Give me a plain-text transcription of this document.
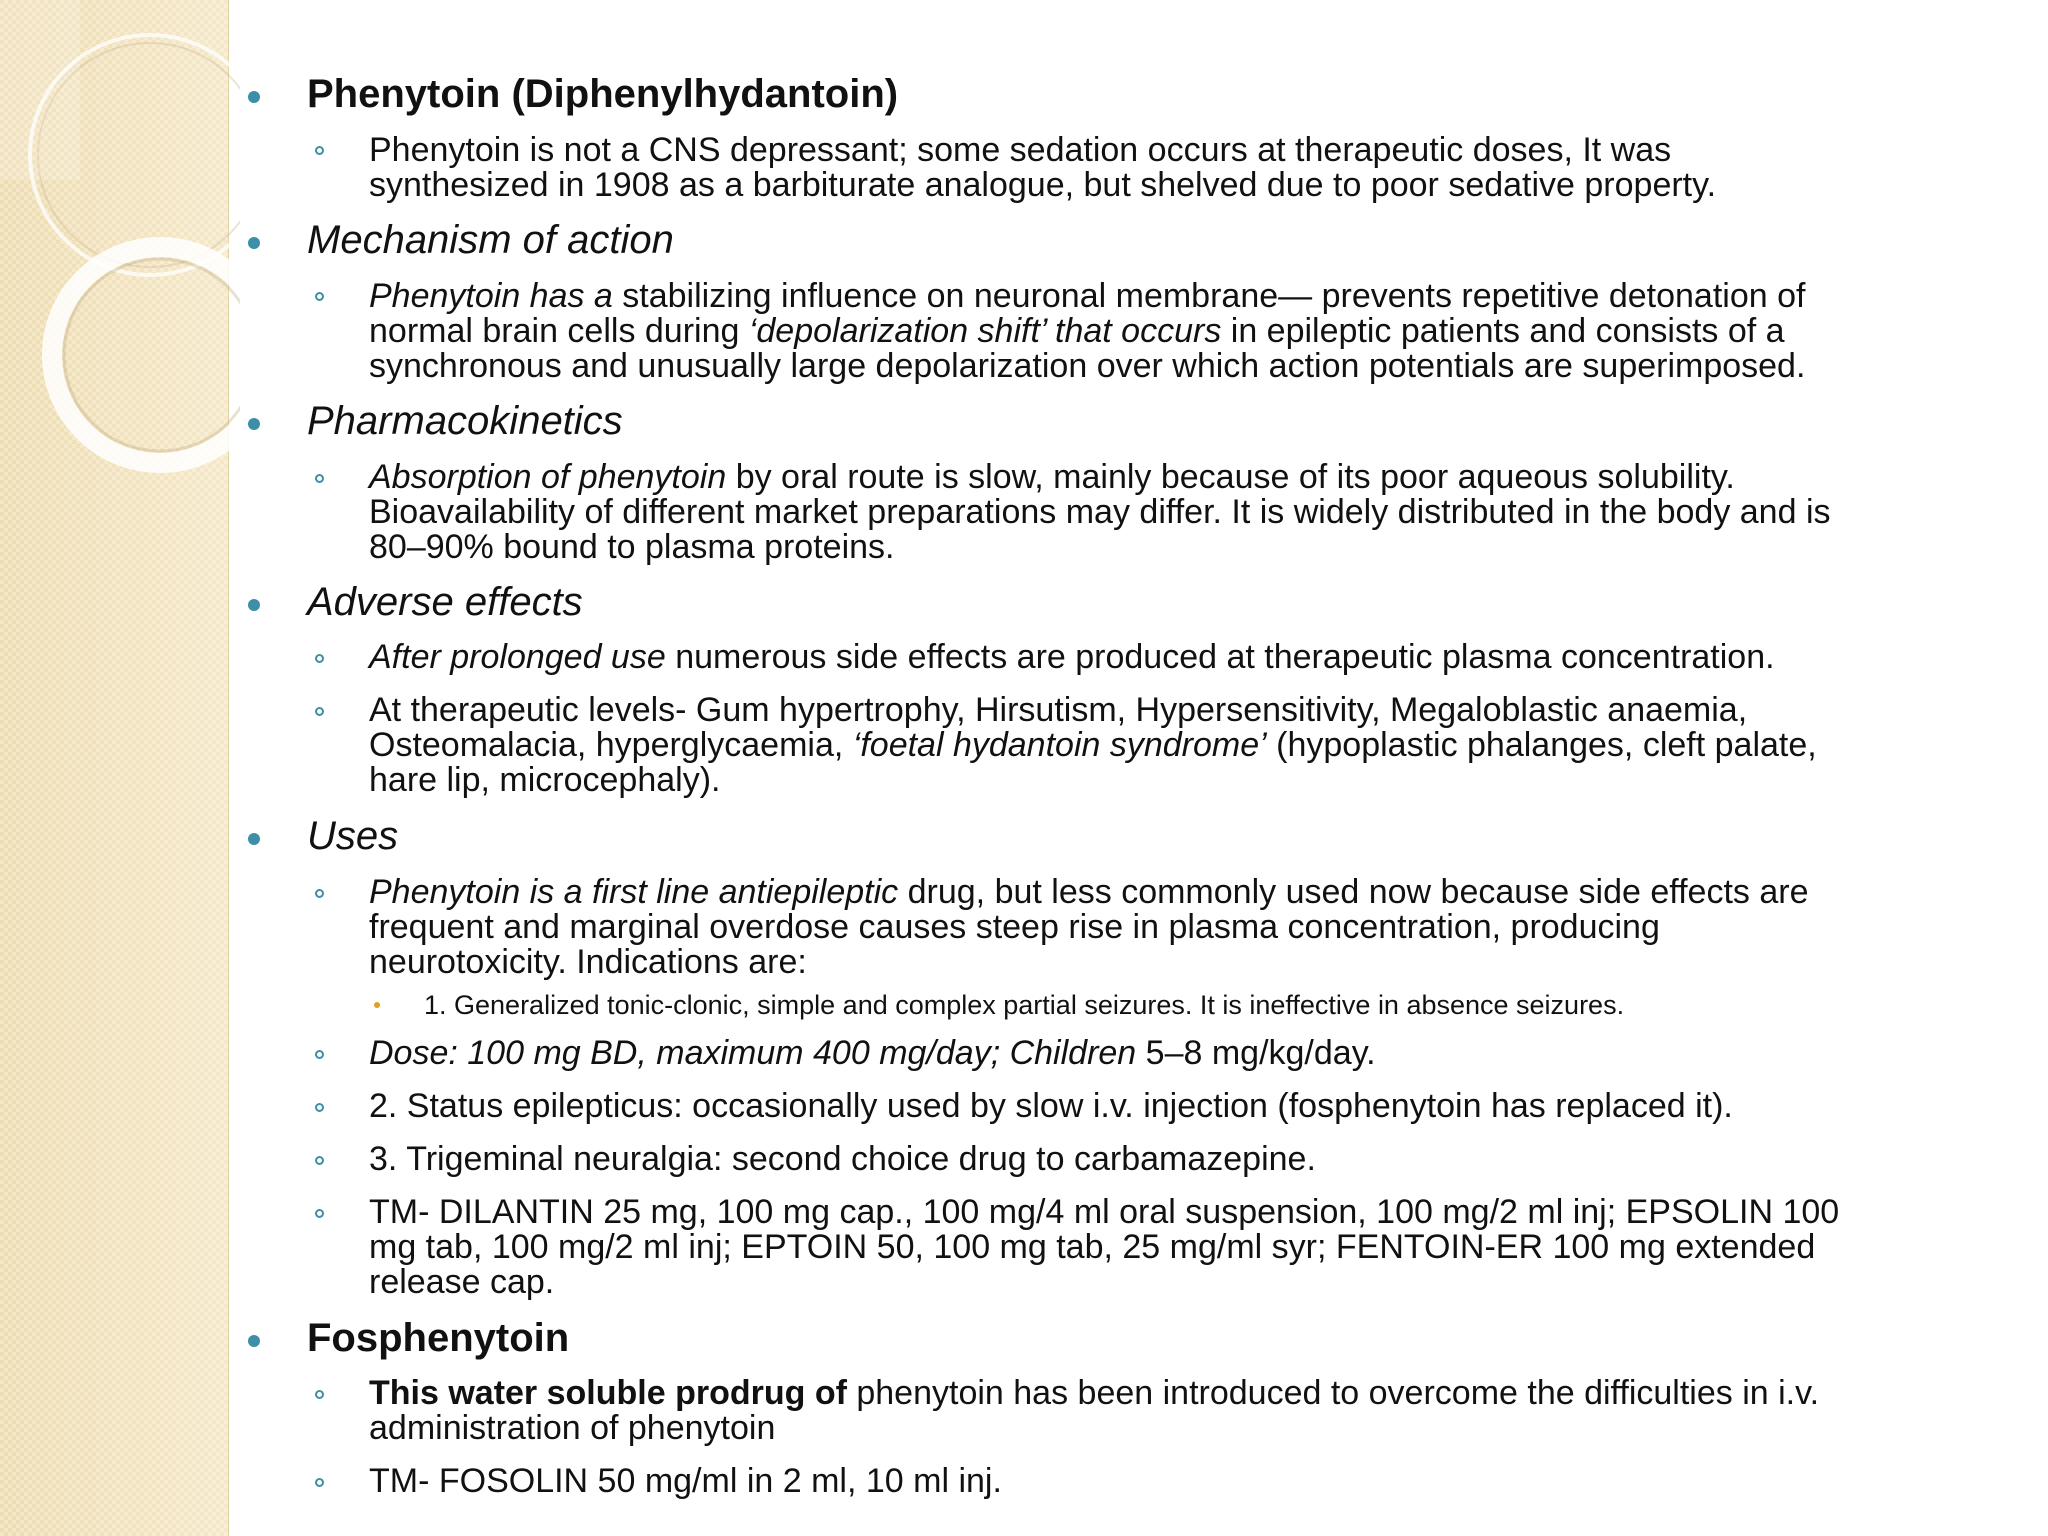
Phenytoin (Diphenylhydantoin)
Phenytoin is not a CNS depressant; some sedation occurs at therapeutic doses, It was
synthesized in 1908 as a barbiturate analogue, but shelved due to poor sedative property.
Mechanism of action
Phenytoin has a stabilizing influence on neuronal membrane— prevents repetitive detonation of
normal brain cells during ‘depolarization shift’ that occurs in epileptic patients and consists of a
synchronous and unusually large depolarization over which action potentials are superimposed.
Pharmacokinetics
Absorption of phenytoin by oral route is slow, mainly because of its poor aqueous solubility.
Bioavailability of different market preparations may differ. It is widely distributed in the body and is
80–90% bound to plasma proteins.
Adverse effects
After prolonged use numerous side effects are produced at therapeutic plasma concentration.
At therapeutic levels- Gum hypertrophy, Hirsutism, Hypersensitivity, Megaloblastic anaemia,
Osteomalacia, hyperglycaemia, ‘foetal hydantoin syndrome’ (hypoplastic phalanges, cleft palate,
hare lip, microcephaly).
Uses
Phenytoin is a first line antiepileptic drug, but less commonly used now because side effects are
frequent and marginal overdose causes steep rise in plasma concentration, producing
neurotoxicity. Indications are:
1. Generalized tonic-clonic, simple and complex partial seizures. It is ineffective in absence seizures.
Dose: 100 mg BD, maximum 400 mg/day; Children 5–8 mg/kg/day.
2. Status epilepticus: occasionally used by slow i.v. injection (fosphenytoin has replaced it).
3. Trigeminal neuralgia: second choice drug to carbamazepine.
TM- DILANTIN 25 mg, 100 mg cap., 100 mg/4 ml oral suspension, 100 mg/2 ml inj; EPSOLIN 100
mg tab, 100 mg/2 ml inj; EPTOIN 50, 100 mg tab, 25 mg/ml syr; FENTOIN-ER 100 mg extended
release cap.
Fosphenytoin
This water soluble prodrug of phenytoin has been introduced to overcome the difficulties in i.v.
administration of phenytoin
TM- FOSOLIN 50 mg/ml in 2 ml, 10 ml inj.
